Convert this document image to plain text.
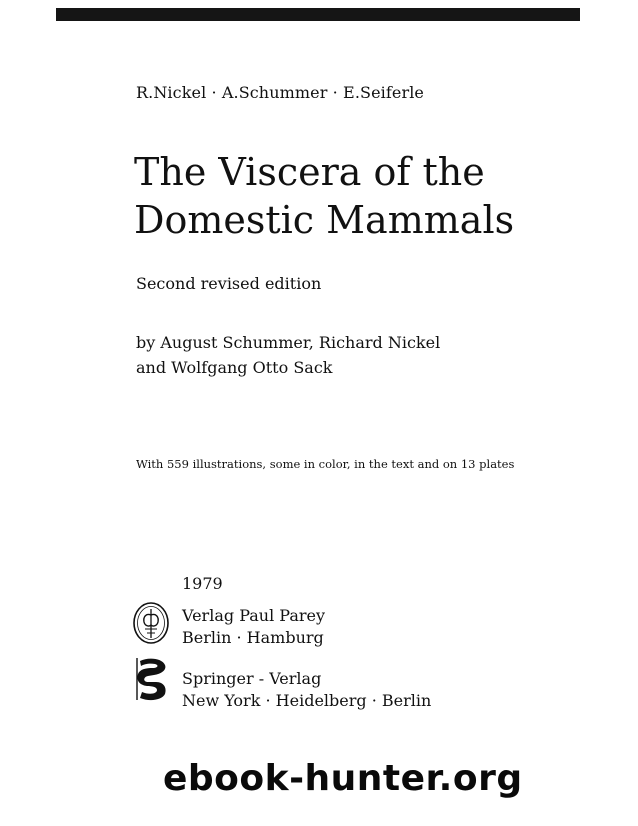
R.Nickel · A.Schummer · E.Seiferle
The Viscera of the
Domestic Mammals
Second revised edition
by August Schummer, Richard Nickel
and Wolfgang Otto Sack
With 559 illustrations, some in color, in the text and on 13 plates
1979
Verlag Paul Parey
Berlin · Hamburg
Springer - Verlag
New York · Heidelberg · Berlin
ebook-hunter.org
